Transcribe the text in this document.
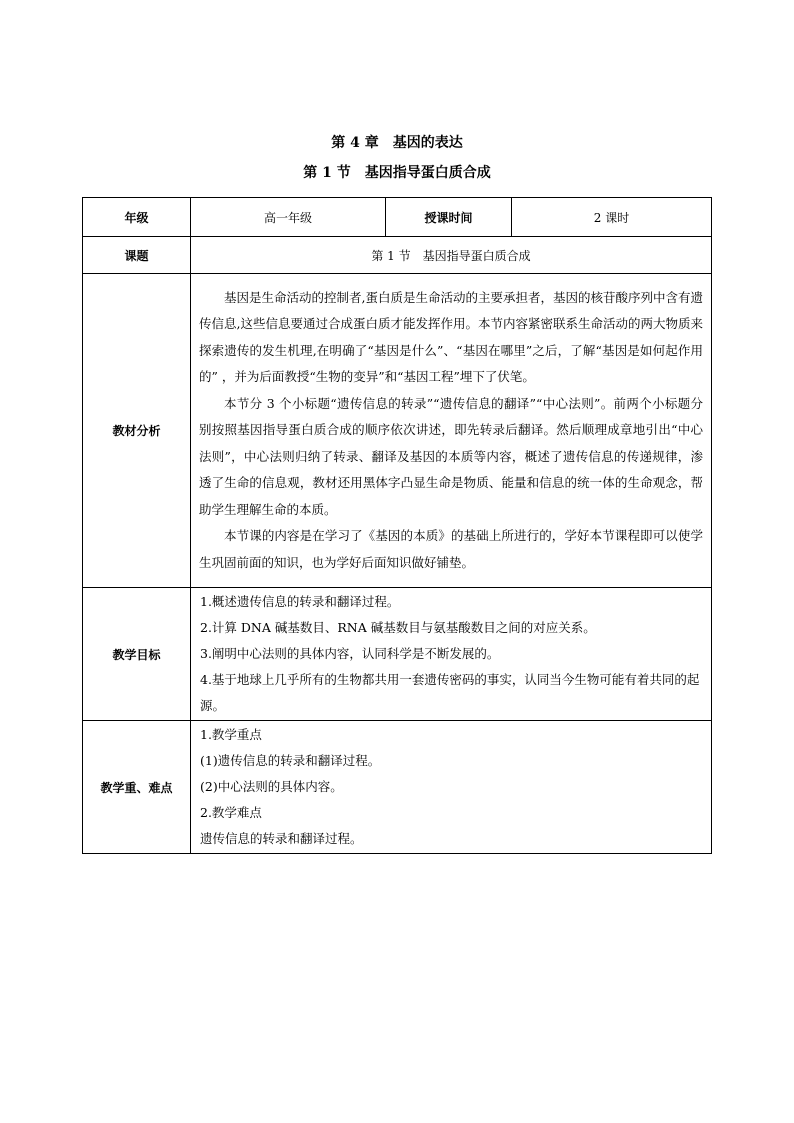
第 4 章　基因的表达
第 1 节　基因指导蛋白质合成
年级	高一年级	授课时间	2 课时
课题	第 1 节　基因指导蛋白质合成		
教材分析	基因是生命活动的控制者,蛋白质是生命活动的主要承担者，基因的核苷酸序列中含有遗传信息,这些信息要通过合成蛋白质才能发挥作用。本节内容紧密联系生命活动的两大物质来探索遗传的发生机理,在明确了“基因是什么”、“基因在哪里”之后，了解“基因是如何起作用的” ，并为后面教授“生物的变异”和“基因工程”埋下了伏笔。

本节分 3 个小标题“遗传信息的转录”“遗传信息的翻译”“中心法则”。前两个小标题分别按照基因指导蛋白质合成的顺序依次讲述，即先转录后翻译。然后顺理成章地引出“中心法则”，中心法则归纳了转录、翻译及基因的本质等内容，概述了遗传信息的传递规律，渗透了生命的信息观，教材还用黑体字凸显生命是物质、能量和信息的统一体的生命观念，帮助学生理解生命的本质。

本节课的内容是在学习了《基因的本质》的基础上所进行的，学好本节课程即可以使学生巩固前面的知识，也为学好后面知识做好铺垫。		

教学目标	1.概述遗传信息的转录和翻译过程。
2.计算 DNA 碱基数目、RNA 碱基数目与氨基酸数目之间的对应关系。
3.阐明中心法则的具体内容，认同科学是不断发展的。
4.基于地球上几乎所有的生物都共用一套遗传密码的事实，认同当今生物可能有着共同的起源。		

教学重、难点	1.教学重点
(1)遗传信息的转录和翻译过程。
(2)中心法则的具体内容。
2.教学难点
遗传信息的转录和翻译过程。		
